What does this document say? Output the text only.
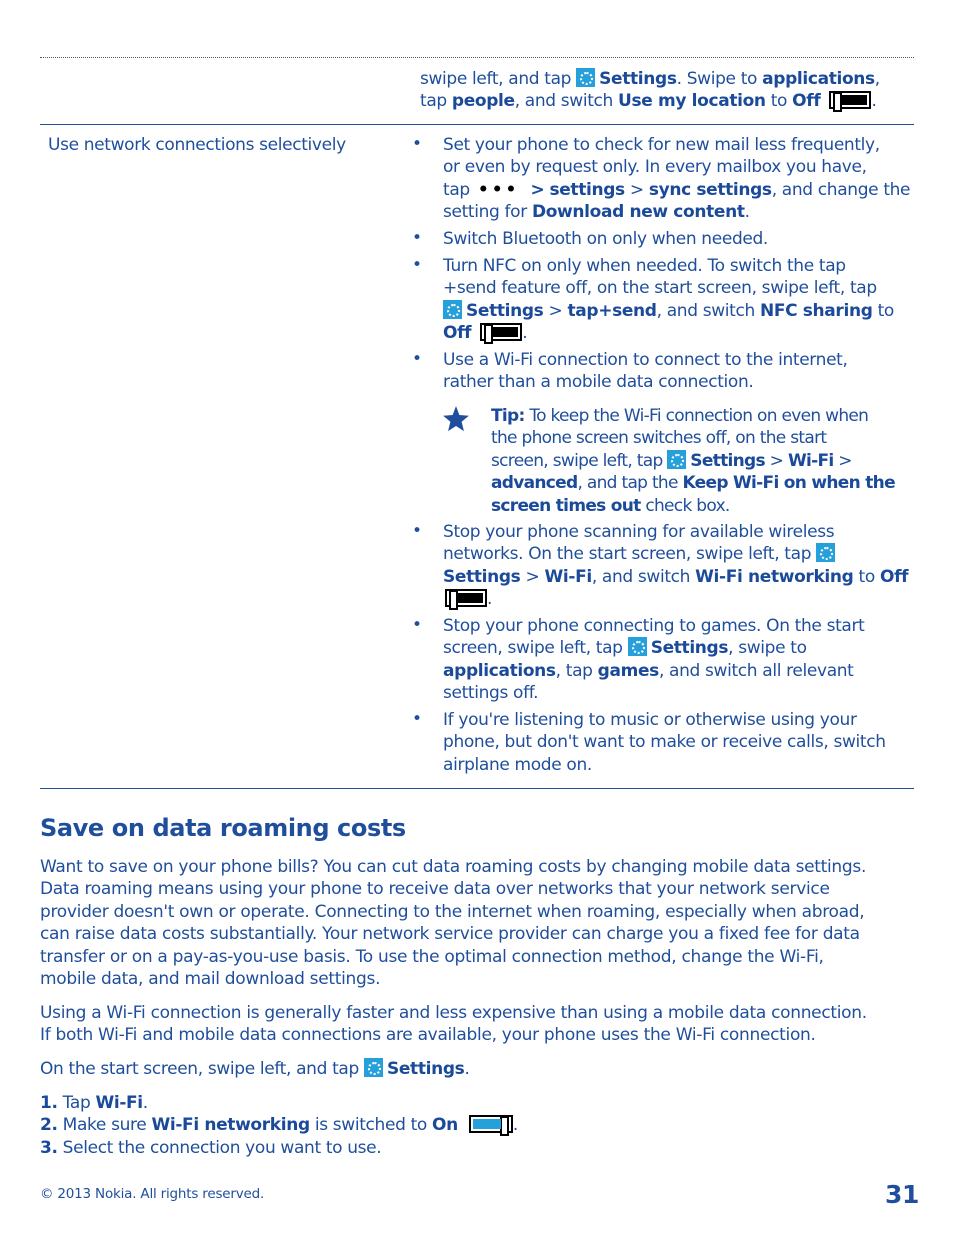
swipe left, and tap Settings. Swipe to applications,
tap people, and switch Use my location to Off	.
Use network connections selectively	• Set your phone to check for new mail less frequently,
or even by request only. In every mailbox you have,
tap ••• > settings > sync settings, and change the
setting for Download new content.
• Switch Bluetooth on only when needed.
• Turn NFC on only when needed. To switch the tap
+send feature off, on the start screen, swipe left, tap
Settings > tap+send, and switch NFC sharing to
Off	.
• Use a Wi-Fi connection to connect to the internet,
rather than a mobile data connection.
Tip: To keep the Wi-Fi connection on even when
the phone screen switches off, on the start
screen, swipe left, tap Settings > Wi-Fi >
advanced, and tap the Keep Wi-Fi on when the
screen times out check box.
• Stop your phone scanning for available wireless
networks. On the start screen, swipe left, tap
Settings > Wi-Fi, and switch Wi-Fi networking to Off
.
• Stop your phone connecting to games. On the start
screen, swipe left, tap Settings, swipe to
applications, tap games, and switch all relevant
settings off.
• If you're listening to music or otherwise using your
phone, but don't want to make or receive calls, switch
airplane mode on.
Save on data roaming costs
Want to save on your phone bills? You can cut data roaming costs by changing mobile data settings.
Data roaming means using your phone to receive data over networks that your network service
provider doesn't own or operate. Connecting to the internet when roaming, especially when abroad,
can raise data costs substantially. Your network service provider can charge you a fixed fee for data
transfer or on a pay-as-you-use basis. To use the optimal connection method, change the Wi-Fi,
mobile data, and mail download settings.
Using a Wi-Fi connection is generally faster and less expensive than using a mobile data connection.
If both Wi-Fi and mobile data connections are available, your phone uses the Wi-Fi connection.
On the start screen, swipe left, and tap Settings.
1. Tap Wi-Fi.
2. Make sure Wi-Fi networking is switched to On	.
3. Select the connection you want to use.
© 2013 Nokia. All rights reserved.	31
